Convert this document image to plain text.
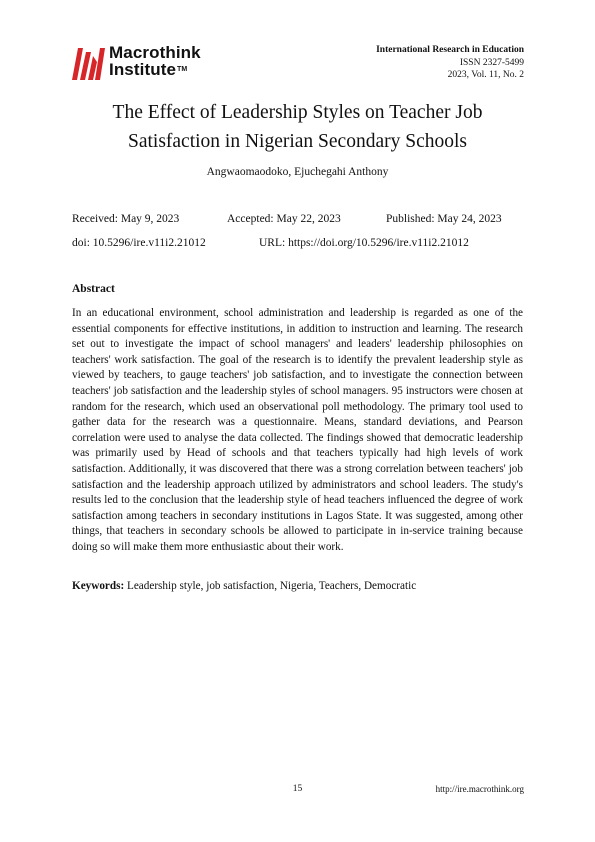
Macrothink
Institute™
International Research in Education
ISSN 2327-5499
2023, Vol. 11, No. 2
The Effect of Leadership Styles on Teacher Job
Satisfaction in Nigerian Secondary Schools
Angwaomaodoko, Ejuchegahi Anthony
Received: May 9, 2023	Accepted: May 22, 2023	Published: May 24, 2023
doi: 10.5296/ire.v11i2.21012	URL: https://doi.org/10.5296/ire.v11i2.21012
Abstract

In an educational environment, school administration and leadership is regarded as one of the essential components for effective institutions, in addition to instruction and learning. The research set out to investigate the impact of school managers' and leaders' leadership philosophies on teachers' work satisfaction. The goal of the research is to identify the prevalent leadership style as viewed by teachers, to gauge teachers' job satisfaction, and to investigate the connection between teachers' job satisfaction and the leadership styles of school managers. 95 instructors were chosen at random for the research, which used an observational poll methodology. The primary tool used to gather data for the research was a questionnaire. Means, standard deviations, and Pearson correlation were used to analyse the data collected. The findings showed that democratic leadership was primarily used by Head of schools and that teachers typically had high levels of work satisfaction. Additionally, it was discovered that there was a strong correlation between teachers' job satisfaction and the leadership approach utilized by administrators and school leaders. The study's results led to the conclusion that the leadership style of head teachers influenced the degree of work satisfaction among teachers in secondary institutions in Lagos State. It was suggested, among other things, that teachers in secondary schools be allowed to participate in in-service training because doing so will make them more enthusiastic about their work.

Keywords: Leadership style, job satisfaction, Nigeria, Teachers, Democratic
15	http://ire.macrothink.org
